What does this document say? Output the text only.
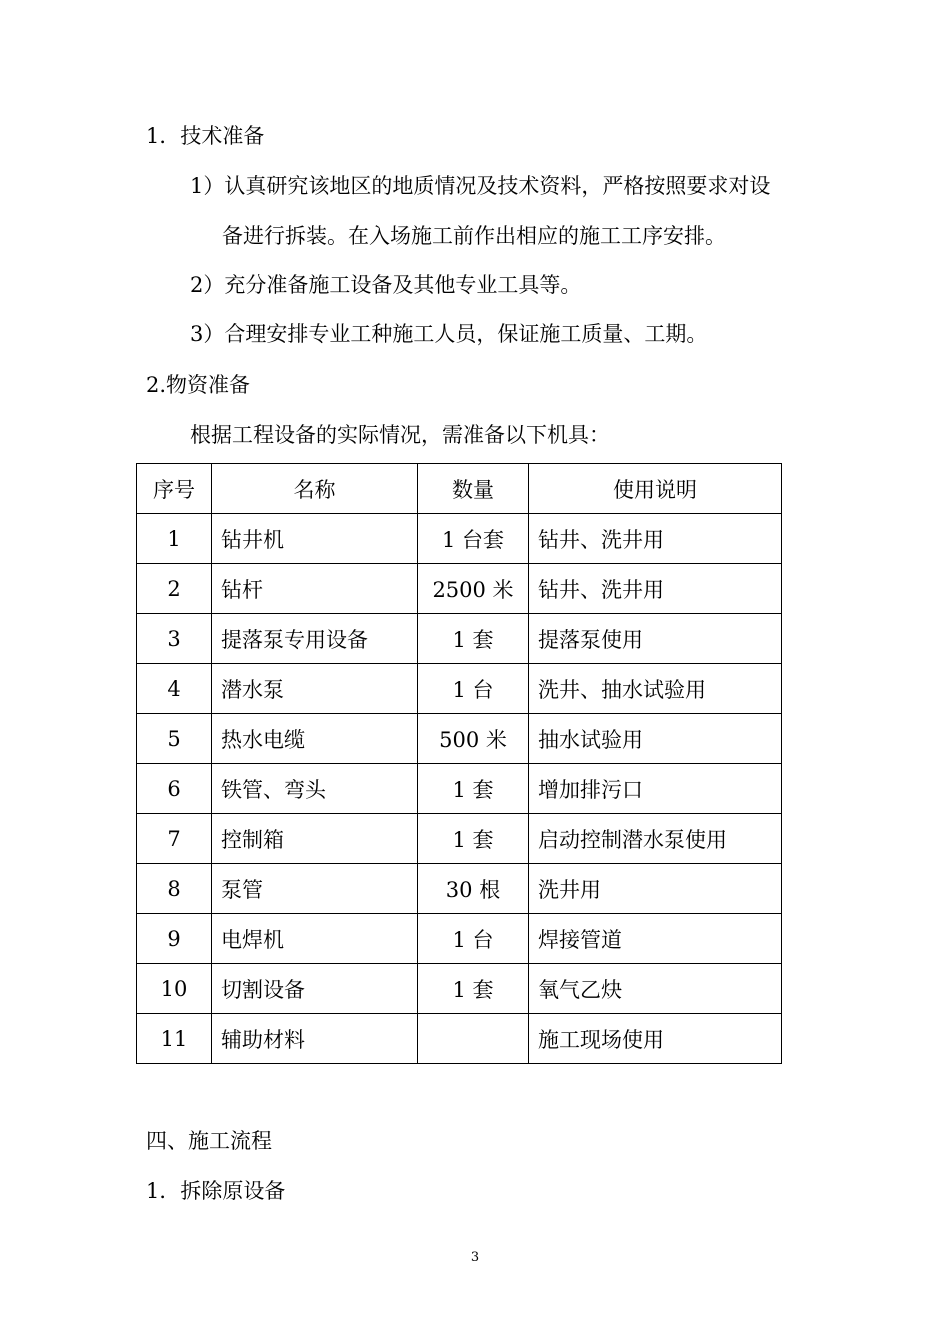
1．技术准备
1）认真研究该地区的地质情况及技术资料，严格按照要求对设
备进行拆装。在入场施工前作出相应的施工工序安排。
2）充分准备施工设备及其他专业工具等。
3）合理安排专业工种施工人员，保证施工质量、工期。
2.物资准备
根据工程设备的实际情况，需准备以下机具：
序号	名称	数量	使用说明
1	钻井机	1 台套	钻井、洗井用
2	钻杆	2500 米	钻井、洗井用
3	提落泵专用设备	1 套	提落泵使用
4	潜水泵	1 台	洗井、抽水试验用
5	热水电缆	500 米	抽水试验用
6	铁管、弯头	1 套	增加排污口
7	控制箱	1 套	启动控制潜水泵使用
8	泵管	30 根	洗井用
9	电焊机	1 台	焊接管道
10	切割设备	1 套	氧气乙炔
11	辅助材料		施工现场使用
四、施工流程
1．拆除原设备
3
